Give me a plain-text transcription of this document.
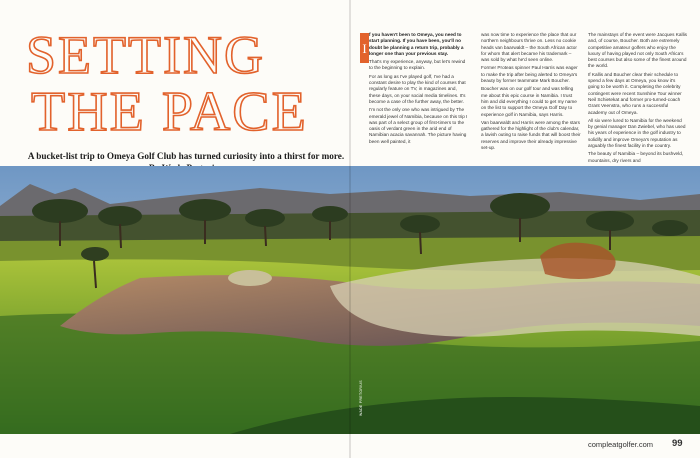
SETTING
THE PACE

A bucket-list trip to Omeya Golf Club has turned curiosity into a thirst for more.

I

f you haven't been to Omeya, you need to start planning. If you have been, you'll no doubt be planning a return trip, probably a longer one than your previous stay.

That's my experience, anyway, but let's rewind to the beginning to explain.

For as long as I've played golf, I've had a constant desire to play the kind of courses that regularly feature on TV, in magazines and, these days, on your social media timelines. It's become a case of the further away, the better.

I'm not the only one who was intrigued by The emerald jewel of Namibia, because on this trip I was part of a select group of first-timers to the oasis of verdant green in the arid end of Namibian acacia savannah. The picture having been well painted, it

was now time to experience the place that our northern neighbours thrive on. Less no cookie heads van baarwaldt – the South African actor for whom that alert became his trademark – was sold by what he'd seen online.

Former Proteas spinner Paul Harris was eager to make the trip after being alerted to Omeya's beauty by former teammate Mark Boucher.

Boucher was on our golf tour and was telling me about this epic course in Namibia. I trust him and did everything I could to get my name on the list to support the Omeya Golf Day to experience golf in Namibia, says Harris.

Van baarwaldt and Harris were among the stars gathered for the highlight of the club's calendar, a lavish outing to raise funds that will boost their reserves and improve their already impressive set-up.

The mainstays of the event were Jacques Kallis and, of course, Boucher. Both are extremely competitive amateur golfers who enjoy the luxury of having played not only South Africa's best courses but also some of the finest around the world.

If Kallis and Boucher clear their schedule to spend a few days at Omeya, you know it's going to be worth it. Completing the celebrity contingent were recent Sunshine Tour winner Neil Schietekat and former pro-turned-coach Grant Veenstra, who runs a successful academy out of Omeya.

All six were lured to Namibia for the weekend by genial manager Dan Zwiebel, who has used his years of experience in the golf industry to solidify and improve Omeya's reputation as arguably the finest facility in the country.

The beauty of Namibia – beyond its bushveld, mountains, dry rivers and

WADE PRETORIUS
compleatgolfer.com 99
